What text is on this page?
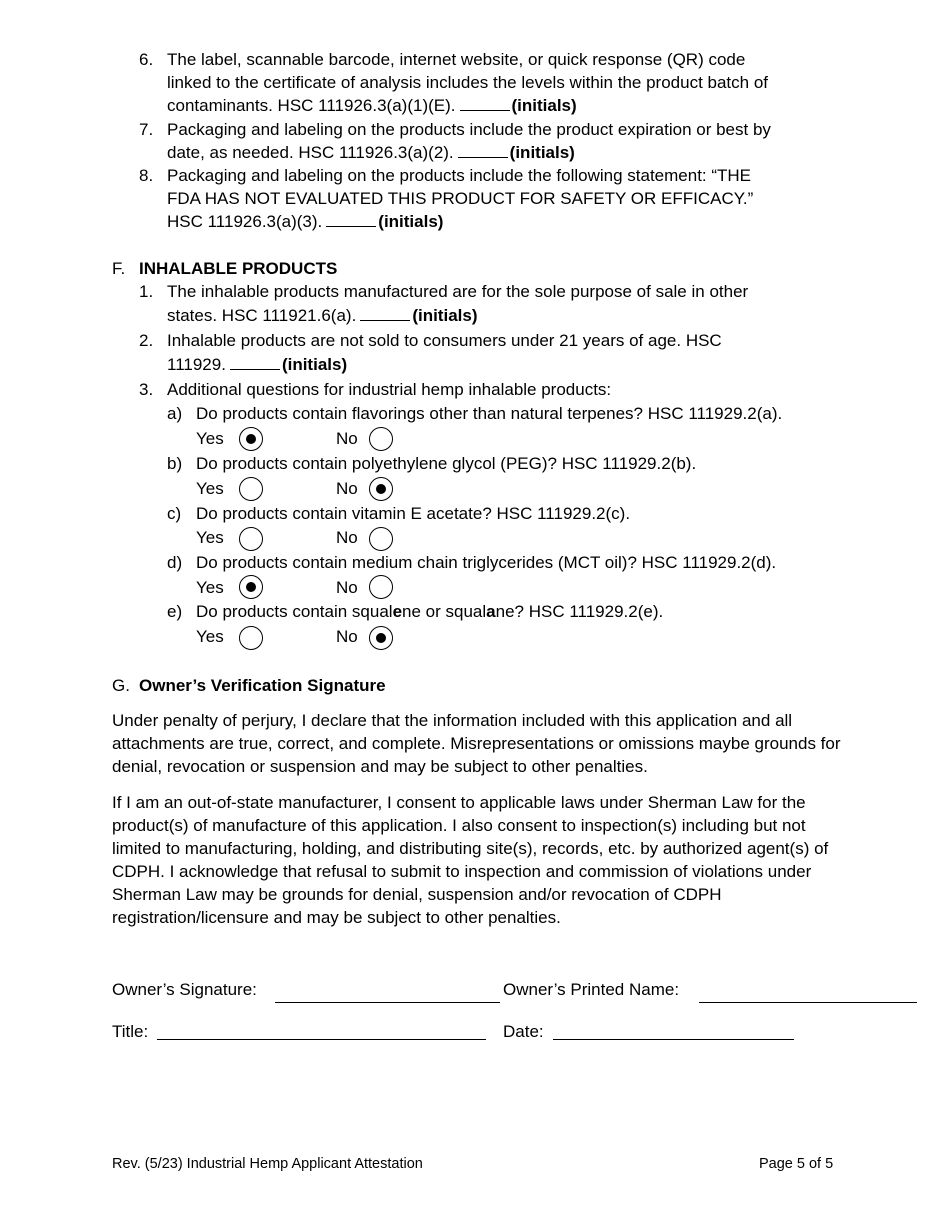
6. The label, scannable barcode, internet website, or quick response (QR) code
linked to the certificate of analysis includes the levels within the product batch of
contaminants. HSC 111926.3(a)(1)(E).	(initials)
7. Packaging and labeling on the products include the product expiration or best by
date, as needed. HSC 111926.3(a)(2).	(initials)
8. Packaging and labeling on the products include the following statement: “THE
FDA HAS NOT EVALUATED THIS PRODUCT FOR SAFETY OR EFFICACY.”
HSC 111926.3(a)(3).	(initials)
F. INHALABLE PRODUCTS
1. The inhalable products manufactured are for the sole purpose of sale in other
states. HSC 111921.6(a).	(initials)
2. Inhalable products are not sold to consumers under 21 years of age. HSC
111929.	(initials)
3. Additional questions for industrial hemp inhalable products:
a) Do products contain flavorings other than natural terpenes? HSC 111929.2(a).
Yes	No
b) Do products contain polyethylene glycol (PEG)? HSC 111929.2(b).
Yes	No
c) Do products contain vitamin E acetate? HSC 111929.2(c).
Yes	No
d) Do products contain medium chain triglycerides (MCT oil)? HSC 111929.2(d).
Yes	No
e) Do products contain squalene or squalane? HSC 111929.2(e).
Yes	No
G. Owner’s Verification Signature
Under penalty of perjury, I declare that the information included with this application and all attachments are true, correct, and complete. Misrepresentations or omissions maybe grounds for denial, revocation or suspension and may be subject to other penalties.
If I am an out-of-state manufacturer, I consent to applicable laws under Sherman Law for the product(s) of manufacture of this application. I also consent to inspection(s) including but not limited to manufacturing, holding, and distributing site(s), records, etc. by authorized agent(s) of CDPH. I acknowledge that refusal to submit to inspection and commission of violations under Sherman Law may be grounds for denial, suspension and/or revocation of CDPH registration/licensure and may be subject to other penalties.
Owner’s Signature:	Owner’s Printed Name:
Title:	Date:
Rev. (5/23) Industrial Hemp Applicant Attestation	Page 5 of 5
